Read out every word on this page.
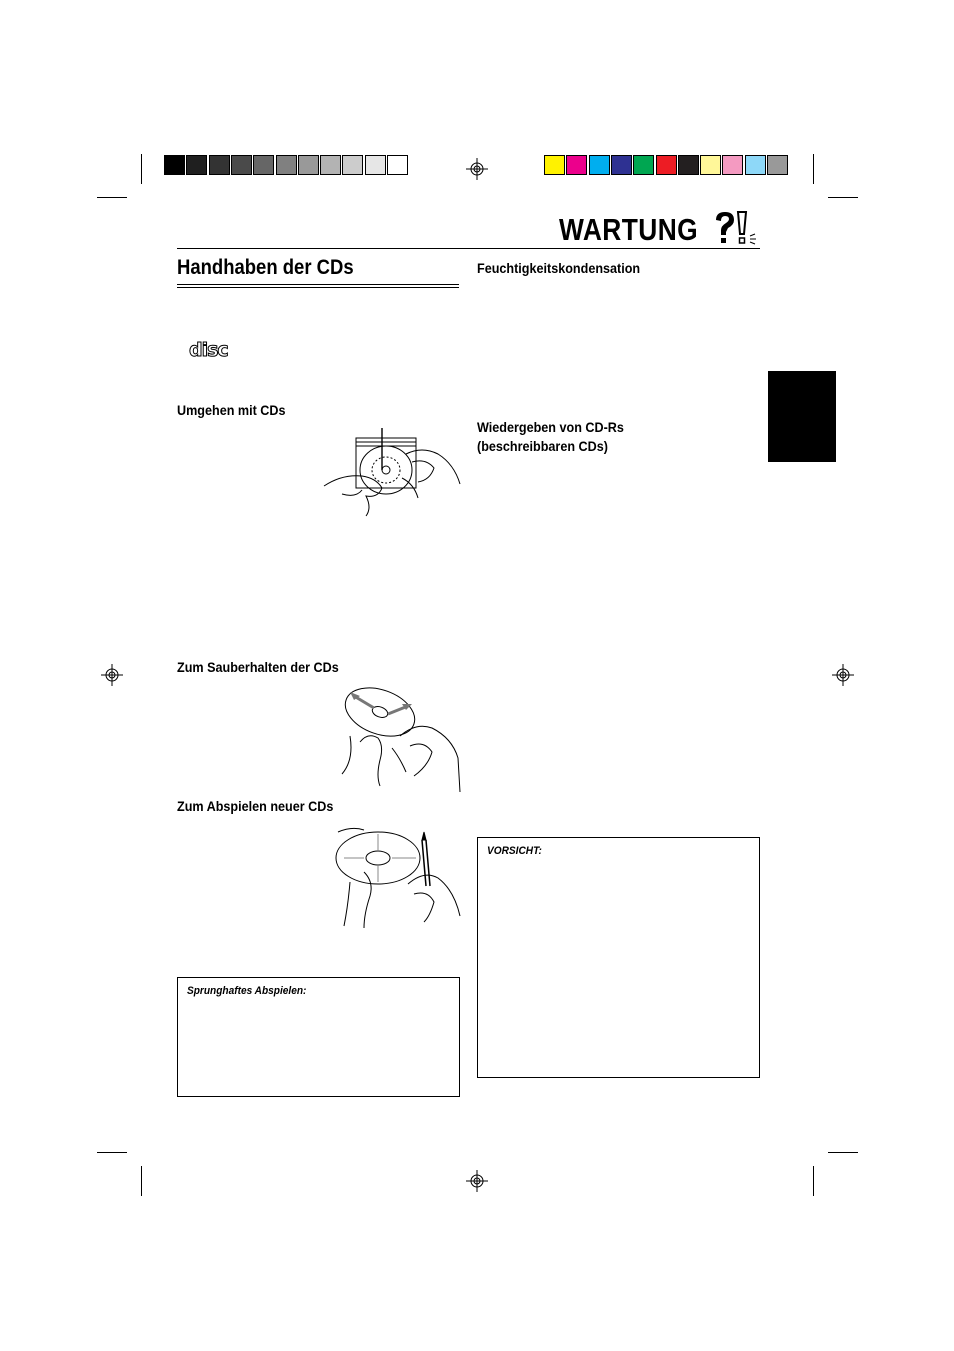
WARTUNG
Handhaben der CDs
disc
Umgehen mit CDs
Zum Sauberhalten der CDs
Zum Abspielen neuer CDs
Sprunghaftes Abspielen:
Feuchtigkeitskondensation
Wiedergeben von CD-Rs
(beschreibbaren CDs)
VORSICHT:
